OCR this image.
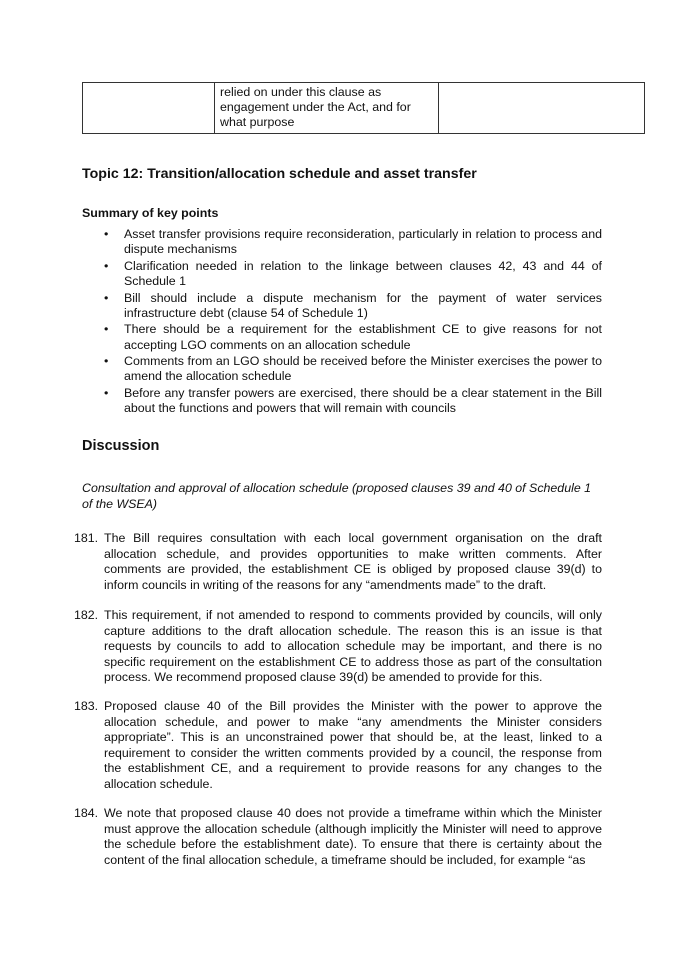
	relied on under this clause as engagement under the Act, and for what purpose	
Topic 12: Transition/allocation schedule and asset transfer
Summary of key points
• Asset transfer provisions require reconsideration, particularly in relation to process and dispute mechanisms
• Clarification needed in relation to the linkage between clauses 42, 43 and 44 of Schedule 1
• Bill should include a dispute mechanism for the payment of water services infrastructure debt (clause 54 of Schedule 1)
• There should be a requirement for the establishment CE to give reasons for not accepting LGO comments on an allocation schedule
• Comments from an LGO should be received before the Minister exercises the power to amend the allocation schedule
• Before any transfer powers are exercised, there should be a clear statement in the Bill about the functions and powers that will remain with councils
Discussion

Consultation and approval of allocation schedule (proposed clauses 39 and 40 of Schedule 1 of the WSEA)

181. The Bill requires consultation with each local government organisation on the draft allocation schedule, and provides opportunities to make written comments. After comments are provided, the establishment CE is obliged by proposed clause 39(d) to inform councils in writing of the reasons for any “amendments made” to the draft.
182. This requirement, if not amended to respond to comments provided by councils, will only capture additions to the draft allocation schedule. The reason this is an issue is that requests by councils to add to allocation schedule may be important, and there is no specific requirement on the establishment CE to address those as part of the consultation process. We recommend proposed clause 39(d) be amended to provide for this.
183. Proposed clause 40 of the Bill provides the Minister with the power to approve the allocation schedule, and power to make “any amendments the Minister considers appropriate”. This is an unconstrained power that should be, at the least, linked to a requirement to consider the written comments provided by a council, the response from the establishment CE, and a requirement to provide reasons for any changes to the allocation schedule.
184. We note that proposed clause 40 does not provide a timeframe within which the Minister must approve the allocation schedule (although implicitly the Minister will need to approve the schedule before the establishment date). To ensure that there is certainty about the content of the final allocation schedule, a timeframe should be included, for example “as
